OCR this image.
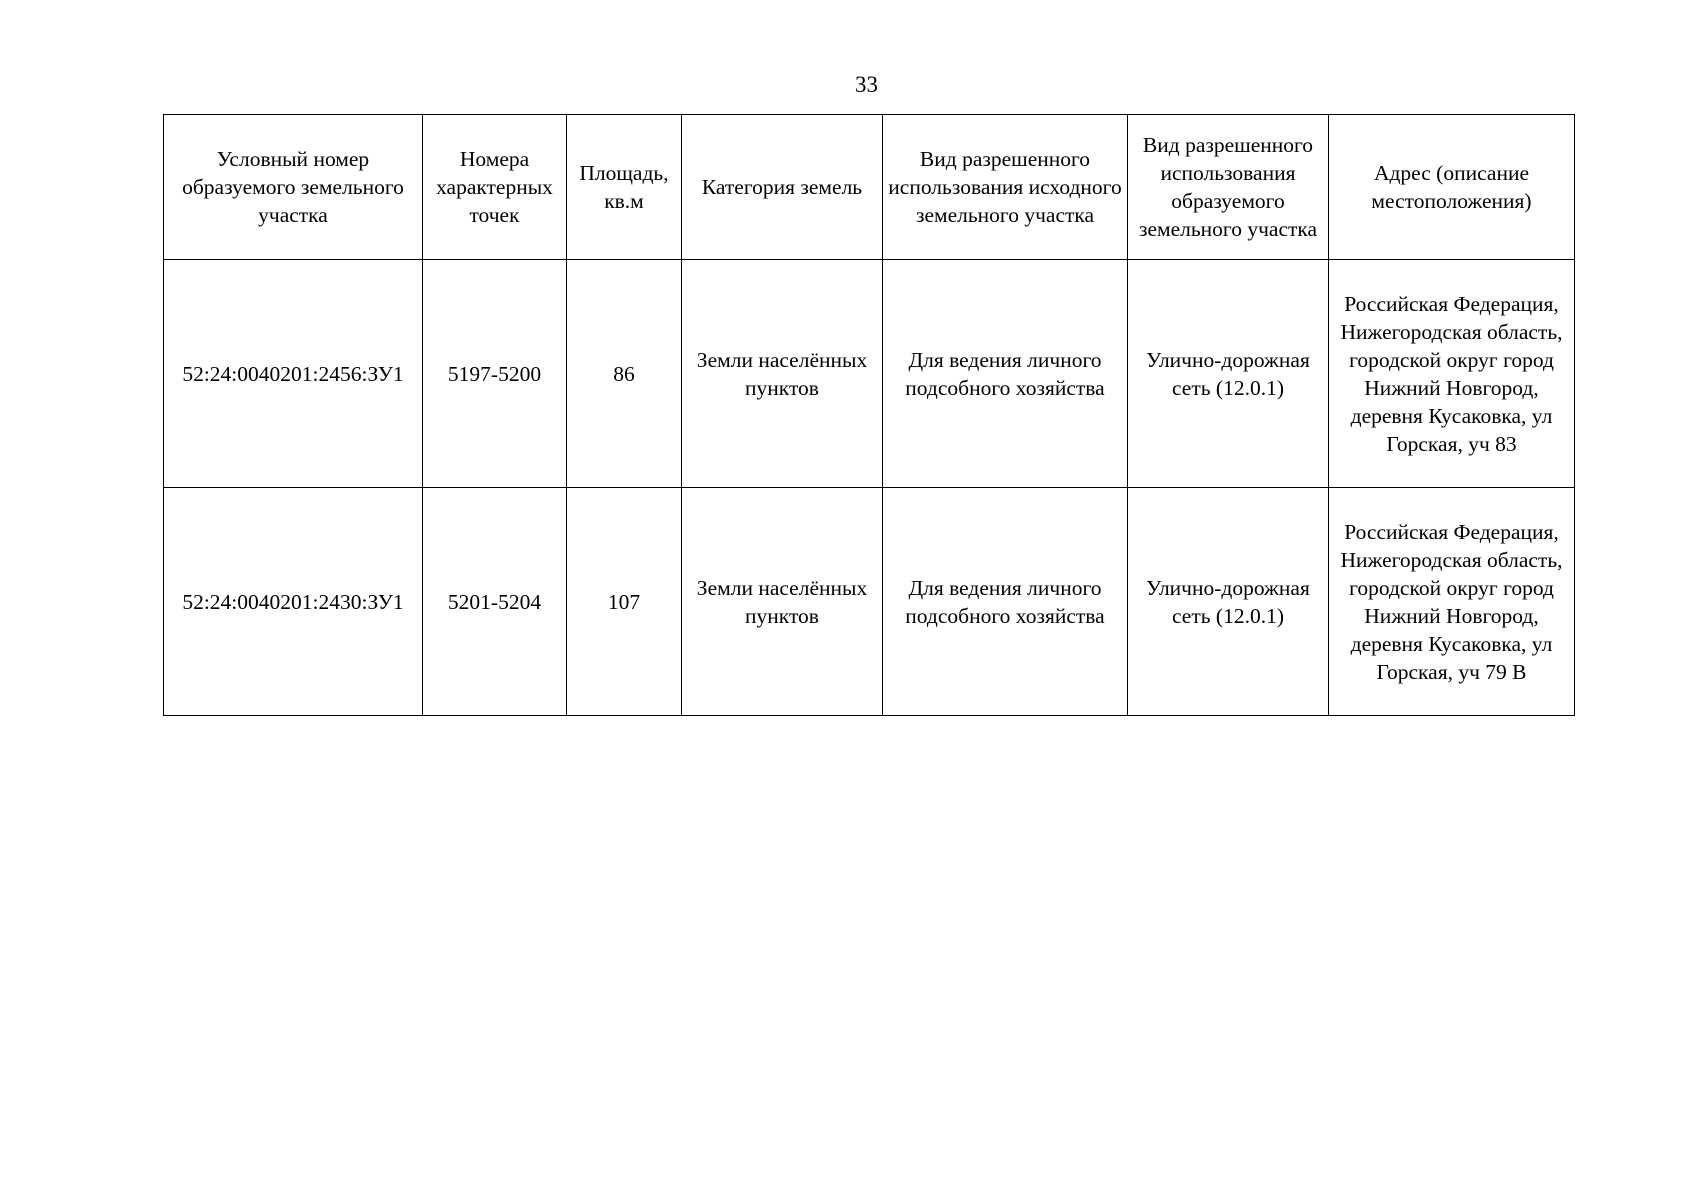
33
Условный номер образуемого земельного участка	Номера характерных точек	Площадь, кв.м	Категория земель	Вид разрешенного использования исходного земельного участка	Вид разрешенного использования образуемого земельного участка	Адрес (описание местоположения)
52:24:0040201:2456:ЗУ1	5197-5200	86	Земли населённых пунктов	Для ведения личного подсобного хозяйства	Улично-дорожная сеть (12.0.1)	Российская Федерация, Нижегородская область, городской округ город Нижний Новгород, деревня Кусаковка, ул Горская, уч 83
52:24:0040201:2430:ЗУ1	5201-5204	107	Земли населённых пунктов	Для ведения личного подсобного хозяйства	Улично-дорожная сеть (12.0.1)	Российская Федерация, Нижегородская область, городской округ город Нижний Новгород, деревня Кусаковка, ул Горская, уч 79 В
